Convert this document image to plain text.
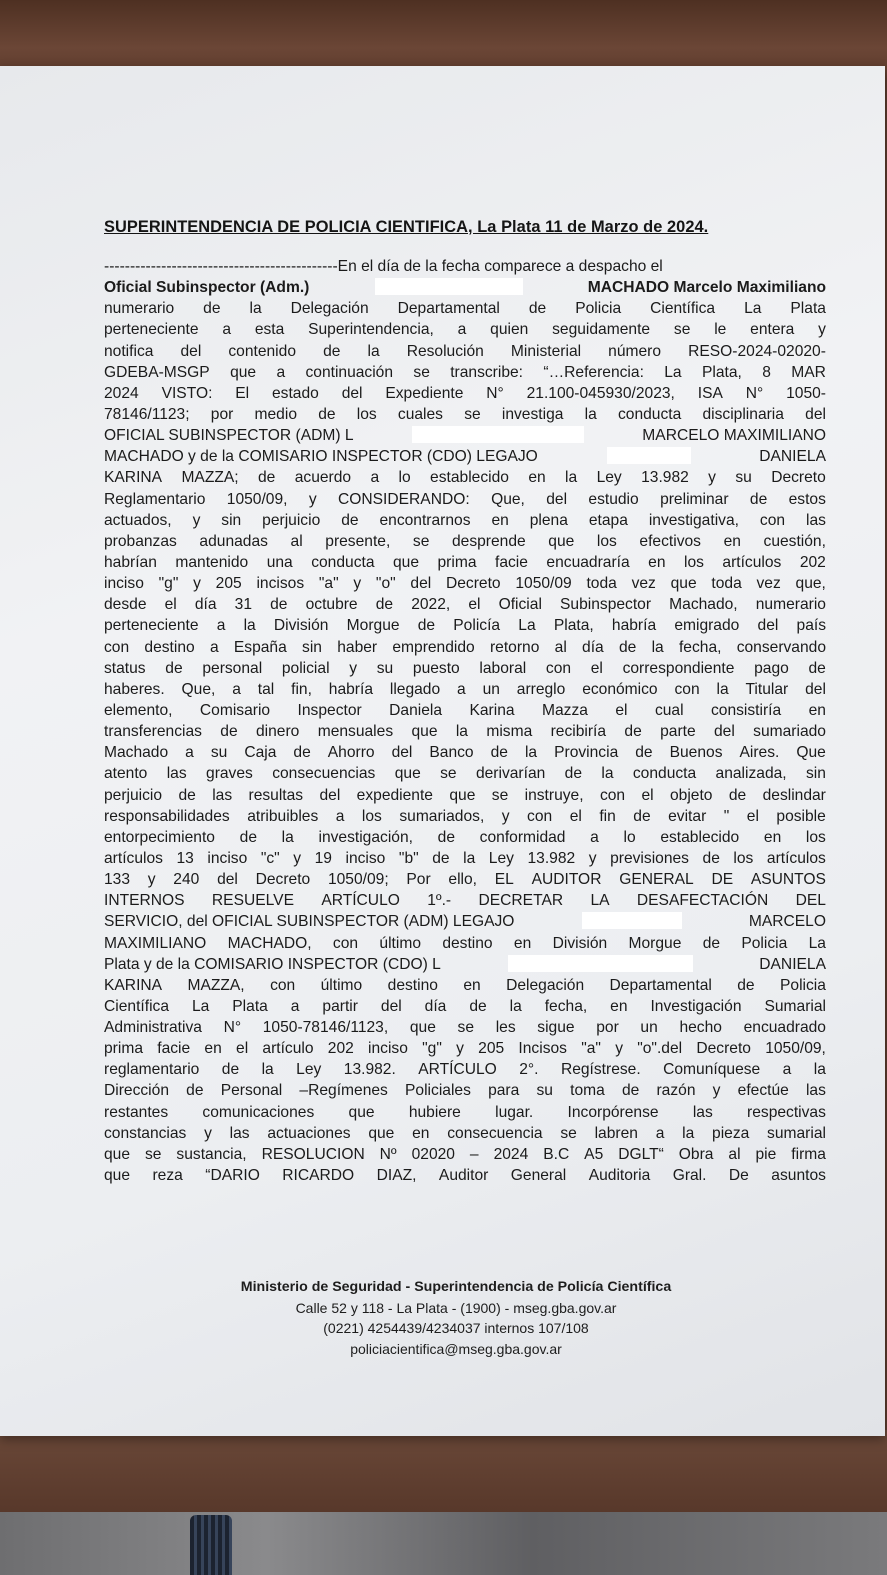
SUPERINTENDENCIA DE POLICIA CIENTIFICA, La Plata 11 de Marzo de 2024.
---------------------------------------------En el día de la fecha comparece a despacho el
Oficial Subinspector (Adm.)	MACHADO Marcelo Maximiliano
numerario de la Delegación Departamental de Policia Científica La Plata
perteneciente a esta Superintendencia, a quien seguidamente se le entera y
notifica del contenido de la Resolución Ministerial número RESO-2024-02020-
GDEBA-MSGP que a continuación se transcribe: “…Referencia: La Plata, 8 MAR
2024 VISTO: El estado del Expediente N° 21.100-045930/2023, ISA N° 1050-
78146/1123; por medio de los cuales se investiga la conducta disciplinaria del
OFICIAL SUBINSPECTOR (ADM) L	MARCELO MAXIMILIANO
MACHADO y de la COMISARIO INSPECTOR (CDO) LEGAJO	DANIELA
KARINA MAZZA; de acuerdo a lo establecido en la Ley 13.982 y su Decreto
Reglamentario 1050/09, y CONSIDERANDO: Que, del estudio preliminar de estos
actuados, y sin perjuicio de encontrarnos en plena etapa investigativa, con las
probanzas adunadas al presente, se desprende que los efectivos en cuestión,
habrían mantenido una conducta que prima facie encuadraría en los artículos 202
inciso "g" y 205 incisos "a" y "o" del Decreto 1050/09 toda vez que toda vez que,
desde el día 31 de octubre de 2022, el Oficial Subinspector Machado, numerario
perteneciente a la División Morgue de Policía La Plata, habría emigrado del país
con destino a España sin haber emprendido retorno al día de la fecha, conservando
status de personal policial y su puesto laboral con el correspondiente pago de
haberes. Que, a tal fin, habría llegado a un arreglo económico con la Titular del
elemento, Comisario Inspector Daniela Karina Mazza el cual consistiría en
transferencias de dinero mensuales que la misma recibiría de parte del sumariado
Machado a su Caja de Ahorro del Banco de la Provincia de Buenos Aires. Que
atento las graves consecuencias que se derivarían de la conducta analizada, sin
perjuicio de las resultas del expediente que se instruye, con el objeto de deslindar
responsabilidades atribuibles a los sumariados, y con el fin de evitar " el posible
entorpecimiento de la investigación, de conformidad a lo establecido en los
artículos 13 inciso "c" y 19 inciso "b" de la Ley 13.982 y previsiones de los artículos
133 y 240 del Decreto 1050/09; Por ello, EL AUDITOR GENERAL DE ASUNTOS
INTERNOS RESUELVE ARTÍCULO 1º.- DECRETAR LA DESAFECTACIÓN DEL
SERVICIO, del OFICIAL SUBINSPECTOR (ADM) LEGAJO	MARCELO
MAXIMILIANO MACHADO, con último destino en División Morgue de Policia La
Plata y de la COMISARIO INSPECTOR (CDO) L	DANIELA
KARINA MAZZA, con último destino en Delegación Departamental de Policia
Científica La Plata a partir del día de la fecha, en Investigación Sumarial
Administrativa N° 1050-78146/1123, que se les sigue por un hecho encuadrado
prima facie en el artículo 202 inciso "g" y 205 Incisos "a" y "o".del Decreto 1050/09,
reglamentario de la Ley 13.982. ARTÍCULO 2°. Regístrese. Comuníquese a la
Dirección de Personal –Regímenes Policiales para su toma de razón y efectúe las
restantes comunicaciones que hubiere lugar. Incorpórense las respectivas
constancias y las actuaciones que en consecuencia se labren a la pieza sumarial
que se sustancia, RESOLUCION Nº 02020 – 2024 B.C A5 DGLT“ Obra al pie firma
que reza “DARIO RICARDO DIAZ, Auditor General Auditoria Gral. De asuntos
Ministerio de Seguridad - Superintendencia de Policía Científica
Calle 52 y 118 - La Plata - (1900) - mseg.gba.gov.ar
(0221) 4254439/4234037 internos 107/108
policiacientifica@mseg.gba.gov.ar
